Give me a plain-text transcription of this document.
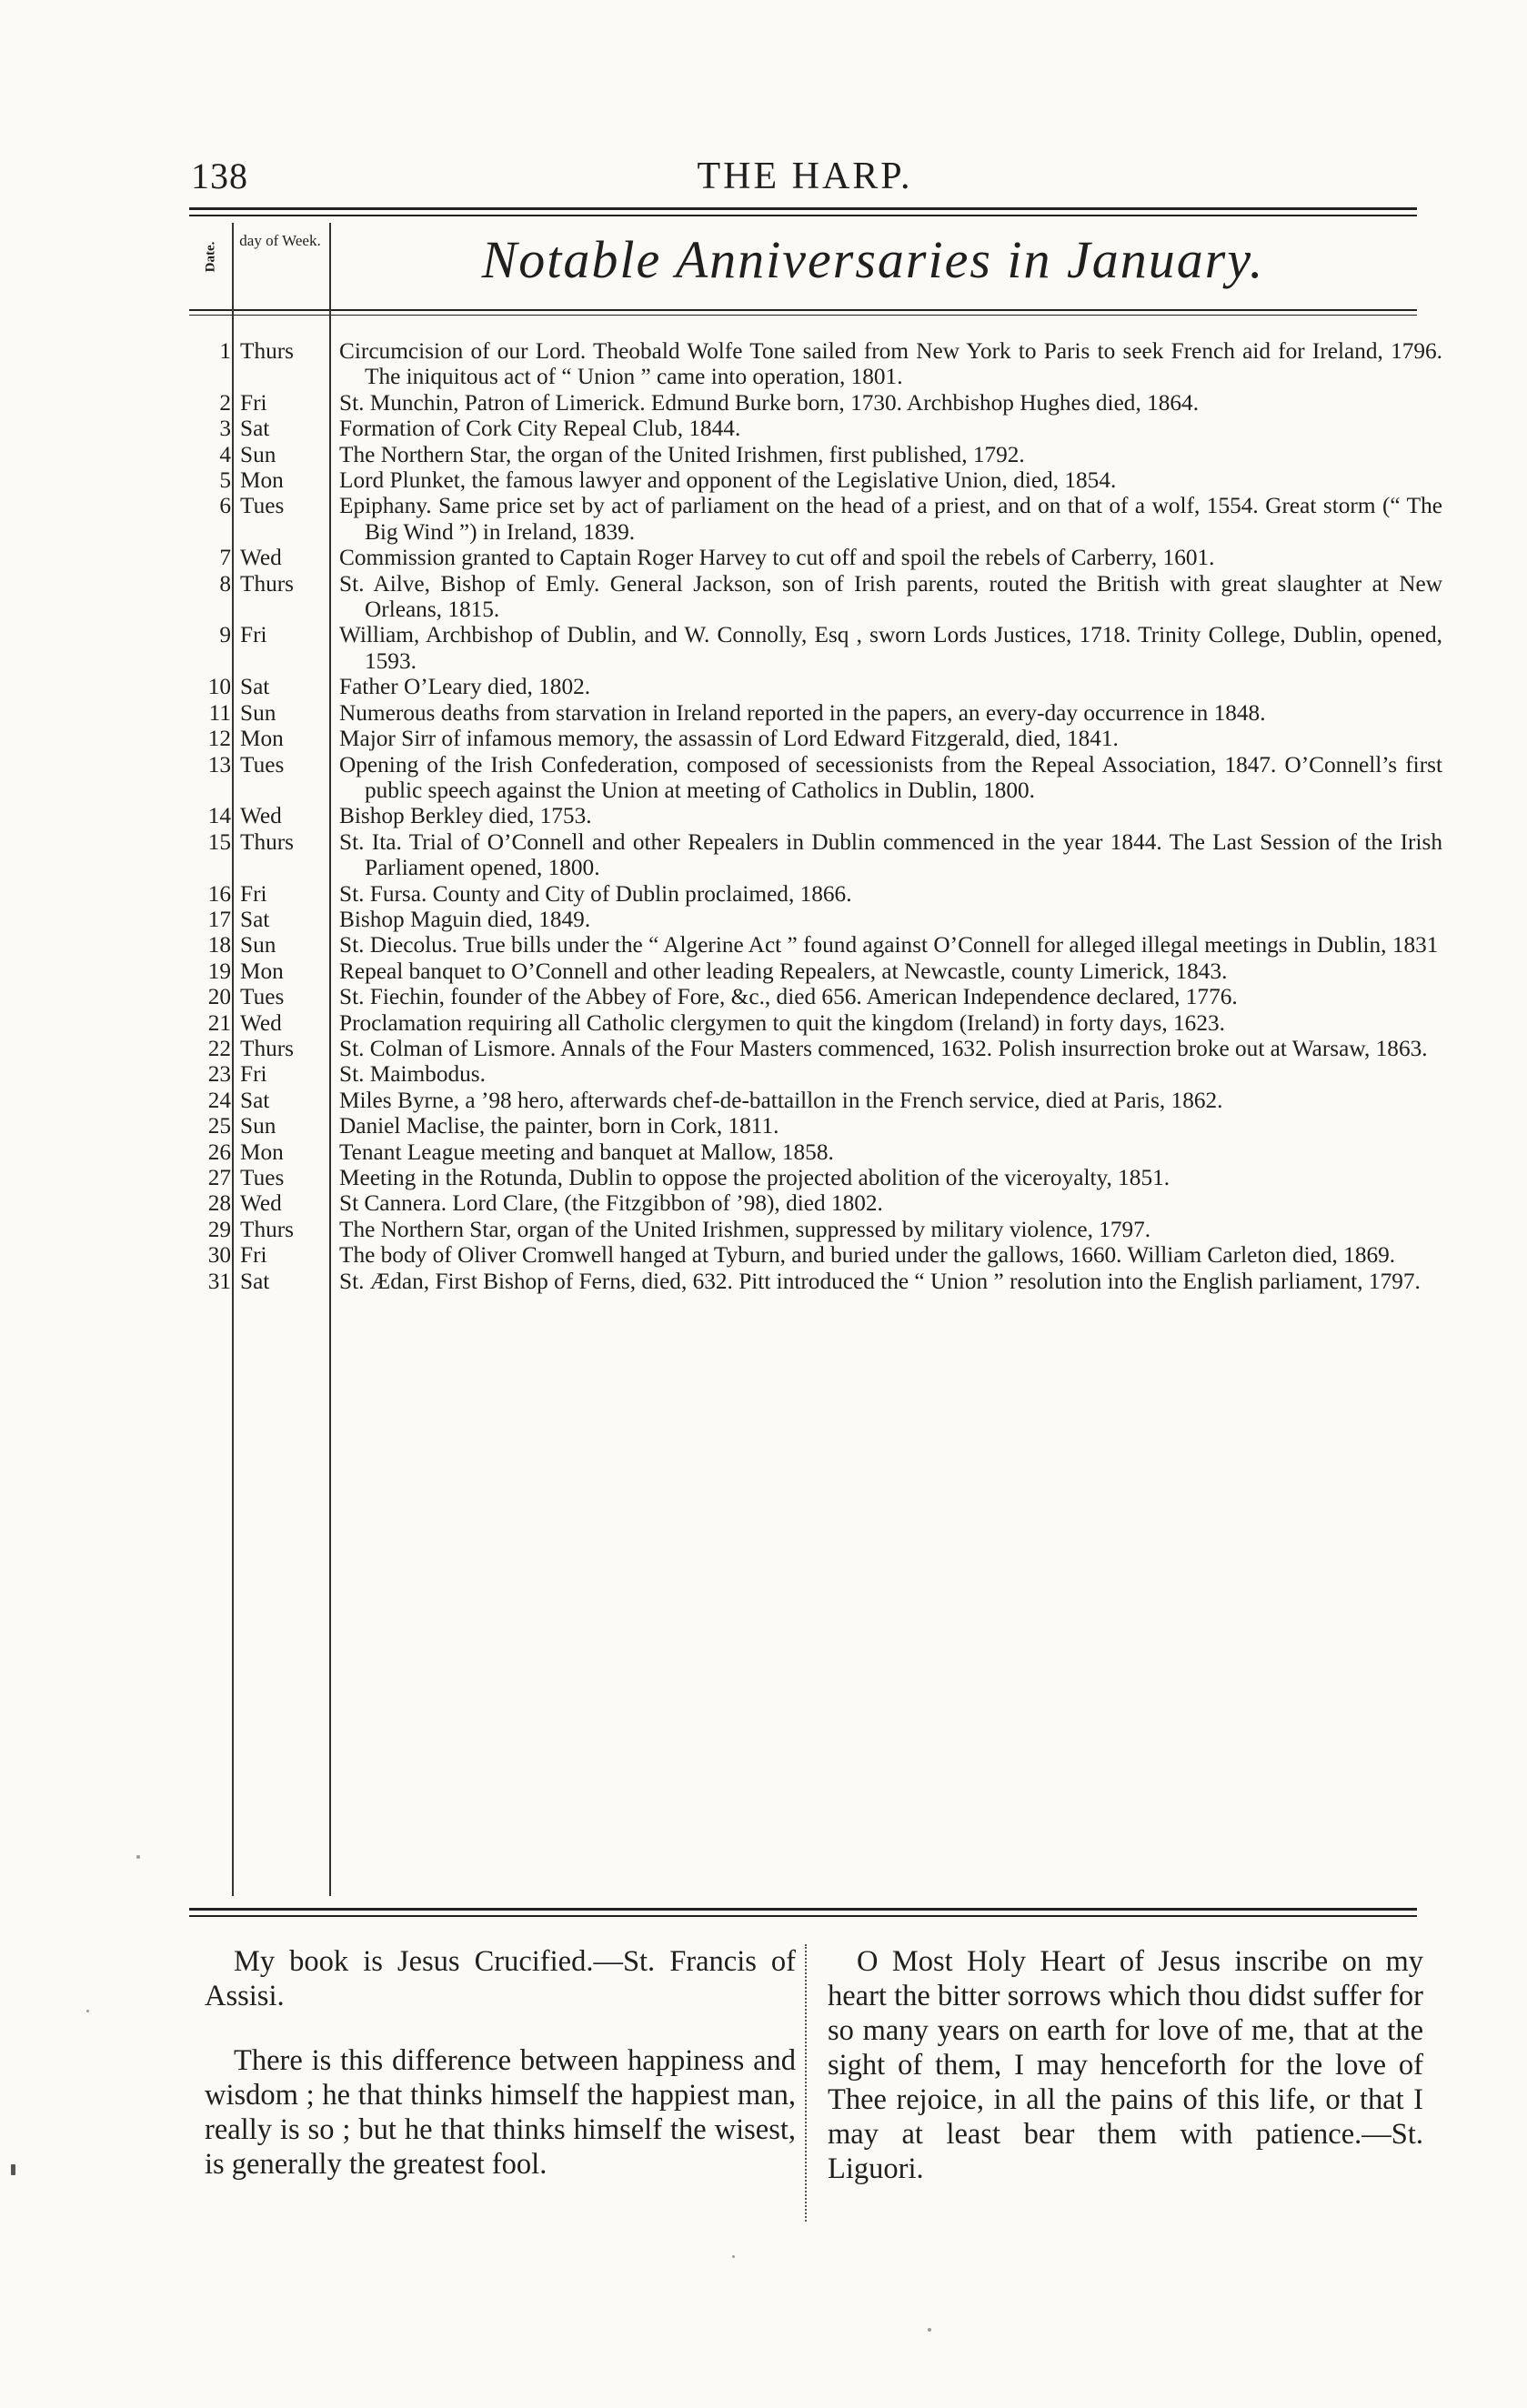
138	THE HARP.
Date.
day of Week.	Notable Anniversaries in January.
1 Thurs	Circumcision of our Lord. Theobald Wolfe Tone sailed from New York to Paris to seek French aid for Ireland, 1796. The iniquitous act of “ Union ” came into operation, 1801.
2 Fri	St. Munchin, Patron of Limerick. Edmund Burke born, 1730. Archbishop Hughes died, 1864.
3 Sat	Formation of Cork City Repeal Club, 1844.
4 Sun	The Northern Star, the organ of the United Irishmen, first published, 1792.
5 Mon	Lord Plunket, the famous lawyer and opponent of the Legislative Union, died, 1854.
6 Tues	Epiphany. Same price set by act of parliament on the head of a priest, and on that of a wolf, 1554. Great storm (“ The Big Wind ”) in Ireland, 1839.
7 Wed	Commission granted to Captain Roger Harvey to cut off and spoil the rebels of Carberry, 1601.
8 Thurs	St. Ailve, Bishop of Emly. General Jackson, son of Irish parents, routed the British with great slaughter at New Orleans, 1815.
9 Fri	William, Archbishop of Dublin, and W. Connolly, Esq , sworn Lords Justices, 1718. Trinity College, Dublin, opened, 1593.
10 Sat	Father O’Leary died, 1802.
11 Sun	Numerous deaths from starvation in Ireland reported in the papers, an every-day occurrence in 1848.
12 Mon	Major Sirr of infamous memory, the assassin of Lord Edward Fitzgerald, died, 1841.
13 Tues	Opening of the Irish Confederation, composed of secessionists from the Repeal Association, 1847. O’Connell’s first public speech against the Union at meeting of Catholics in Dublin, 1800.
14 Wed	Bishop Berkley died, 1753.
15 Thurs	St. Ita. Trial of O’Connell and other Repealers in Dublin commenced in the year 1844. The Last Session of the Irish Parliament opened, 1800.
16 Fri	St. Fursa. County and City of Dublin proclaimed, 1866.
17 Sat	Bishop Maguin died, 1849.
18 Sun	St. Diecolus. True bills under the “ Algerine Act ” found against O’Connell for alleged illegal meetings in Dublin, 1831
19 Mon	Repeal banquet to O’Connell and other leading Repealers, at Newcastle, county Limerick, 1843.
20 Tues	St. Fiechin, founder of the Abbey of Fore, &c., died 656. American Independence declared, 1776.
21 Wed	Proclamation requiring all Catholic clergymen to quit the kingdom (Ireland) in forty days, 1623.
22 Thurs	St. Colman of Lismore. Annals of the Four Masters commenced, 1632. Polish insurrection broke out at Warsaw, 1863.
23 Fri	St. Maimbodus.
24 Sat	Miles Byrne, a ’98 hero, afterwards chef-de-battaillon in the French service, died at Paris, 1862.
25 Sun	Daniel Maclise, the painter, born in Cork, 1811.
26 Mon	Tenant League meeting and banquet at Mallow, 1858.
27 Tues	Meeting in the Rotunda, Dublin to oppose the projected abolition of the viceroyalty, 1851.
28 Wed	St Cannera. Lord Clare, (the Fitzgibbon of ’98), died 1802.
29 Thurs	The Northern Star, organ of the United Irishmen, suppressed by military violence, 1797.
30 Fri	The body of Oliver Cromwell hanged at Tyburn, and buried under the gallows, 1660. William Carleton died, 1869.
31 Sat	St. Ædan, First Bishop of Ferns, died, 632. Pitt introduced the “ Union ” resolution into the English parliament, 1797.

My book is Jesus Crucified.—St. Francis of Assisi.

There is this difference between happiness and wisdom ; he that thinks himself the happiest man, really is so ; but he that thinks himself the wisest, is generally the greatest fool.

O Most Holy Heart of Jesus inscribe on my heart the bitter sorrows which thou didst suffer for so many years on earth for love of me, that at the sight of them, I may henceforth for the love of Thee rejoice, in all the pains of this life, or that I may at least bear them with patience.—St. Liguori.
